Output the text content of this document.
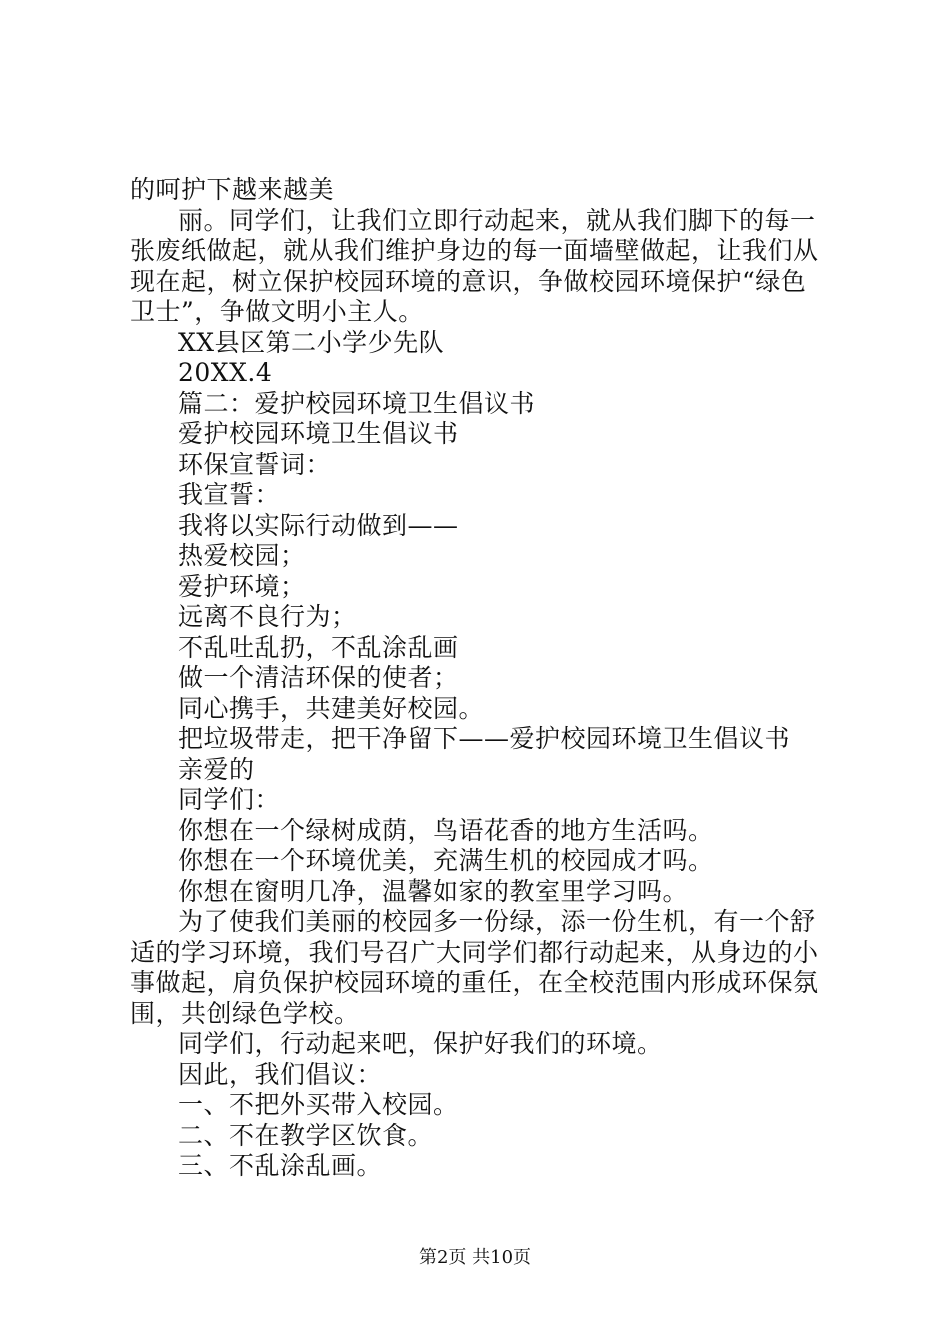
的呵护下越来越美
丽。同学们，让我们立即行动起来，就从我们脚下的每一
张废纸做起，就从我们维护身边的每一面墙壁做起，让我们从
现在起，树立保护校园环境的意识，争做校园环境保护“绿色
卫士”，争做文明小主人。
XX县区第二小学少先队
20XX.4
篇二：爱护校园环境卫生倡议书
爱护校园环境卫生倡议书
环保宣誓词：
我宣誓：
我将以实际行动做到——
热爱校园；
爱护环境；
远离不良行为；
不乱吐乱扔，不乱涂乱画
做一个清洁环保的使者；
同心携手，共建美好校园。
把垃圾带走，把干净留下——爱护校园环境卫生倡议书
亲爱的
同学们：
你想在一个绿树成荫，鸟语花香的地方生活吗。
你想在一个环境优美，充满生机的校园成才吗。
你想在窗明几净，温馨如家的教室里学习吗。
为了使我们美丽的校园多一份绿，添一份生机，有一个舒
适的学习环境，我们号召广大同学们都行动起来，从身边的小
事做起，肩负保护校园环境的重任，在全校范围内形成环保氛
围，共创绿色学校。
同学们，行动起来吧，保护好我们的环境。
因此，我们倡议：
一、不把外买带入校园。
二、不在教学区饮食。
三、不乱涂乱画。
第2页 共10页
